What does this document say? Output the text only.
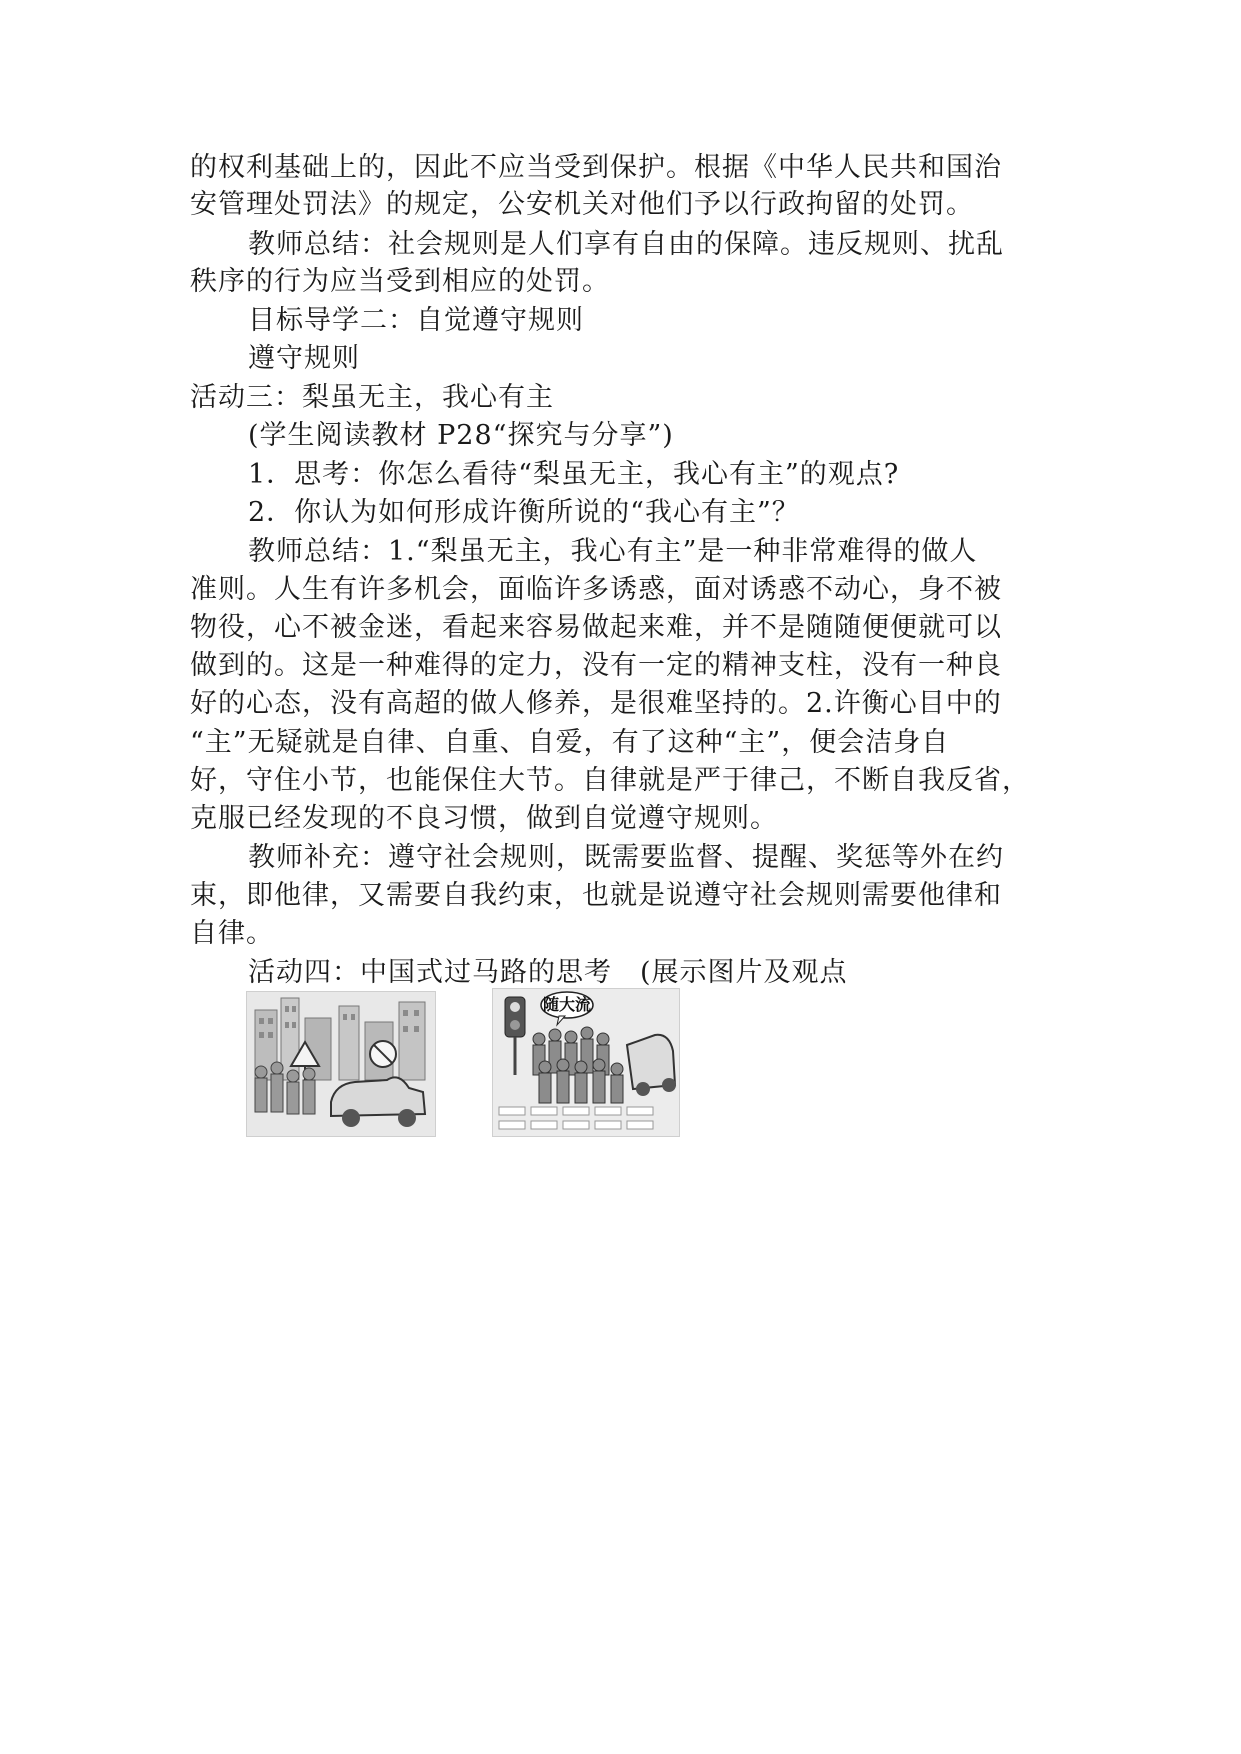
的权利基础上的，因此不应当受到保护。根据《中华人民共和国治
安管理处罚法》的规定，公安机关对他们予以行政拘留的处罚。
教师总结：社会规则是人们享有自由的保障。违反规则、扰乱
秩序的行为应当受到相应的处罚。
目标导学二：自觉遵守规则
遵守规则
活动三：梨虽无主，我心有主
(学生阅读教材 P28“探究与分享”)
1．思考：你怎么看待“梨虽无主，我心有主”的观点?
2．你认为如何形成许衡所说的“我心有主”？
教师总结：1.“梨虽无主，我心有主”是一种非常难得的做人
准则。人生有许多机会，面临许多诱惑，面对诱惑不动心，身不被
物役，心不被金迷，看起来容易做起来难，并不是随随便便就可以
做到的。这是一种难得的定力，没有一定的精神支柱，没有一种良
好的心态，没有高超的做人修养，是很难坚持的。2.许衡心目中的
“主”无疑就是自律、自重、自爱，有了这种“主”，便会洁身自
好，守住小节，也能保住大节。自律就是严于律己，不断自我反省，
克服已经发现的不良习惯，做到自觉遵守规则。
教师补充：遵守社会规则，既需要监督、提醒、奖惩等外在约
束，即他律，又需要自我约束，也就是说遵守社会规则需要他律和
自律。
活动四：中国式过马路的思考　(展示图片及观点
随大流
